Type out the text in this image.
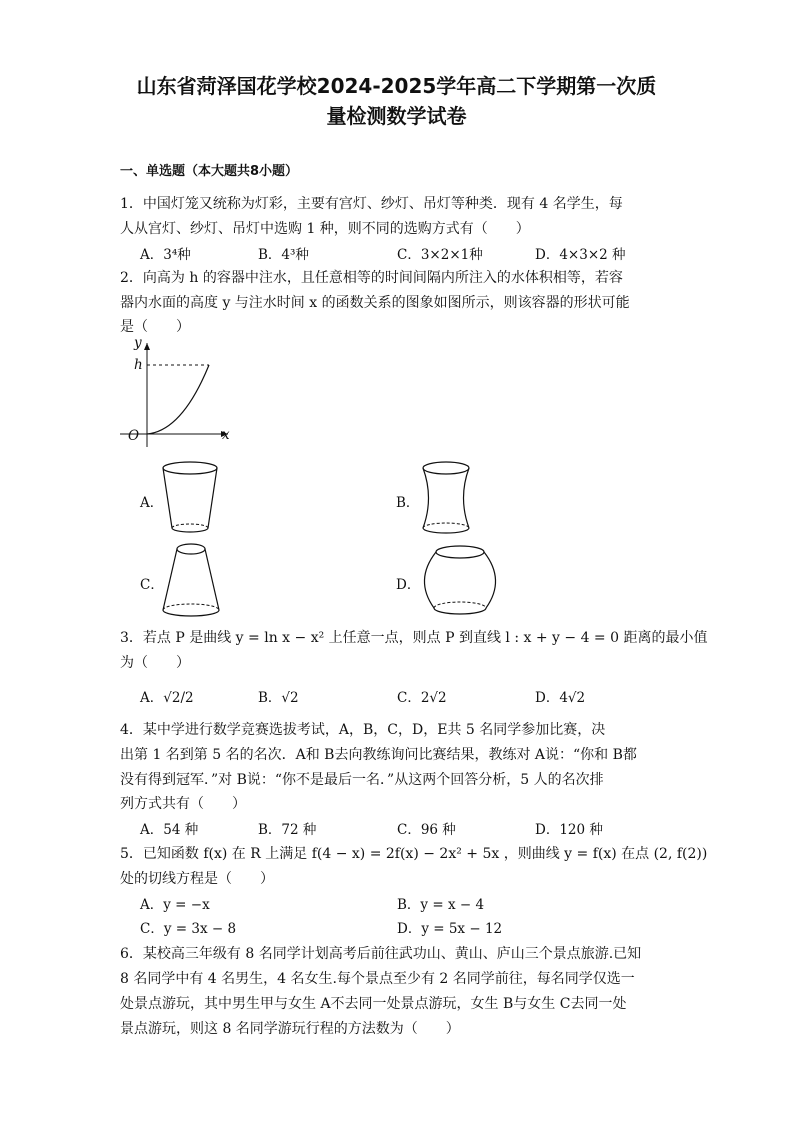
山东省菏泽国花学校2024-2025学年高二下学期第一次质
量检测数学试卷
一、单选题（本大题共8小题）
1．中国灯笼又统称为灯彩，主要有宫灯、纱灯、吊灯等种类．现有 4 名学生，每
人从宫灯、纱灯、吊灯中选购 1 种，则不同的选购方式有（　　）
A．3⁴种	B．4³种	C．3×2×1种	D．4×3×2 种
2．向高为 h 的容器中注水，且任意相等的时间间隔内所注入的水体积相等，若容
器内水面的高度 y 与注水时间 x 的函数关系的图象如图所示，则该容器的形状可能
是（　　）
y
h
O	x
A．	B．
C．	D．
3．若点 P 是曲线 y = ln x − x² 上任意一点，则点 P 到直线 l : x + y − 4 = 0 距离的最小值
为（　　）
A．√2/2	B．√2	C．2√2	D．4√2
4．某中学进行数学竞赛选拔考试，A，B，C，D，E共 5 名同学参加比赛，决
出第 1 名到第 5 名的名次．A和 B去向教练询问比赛结果，教练对 A说：“你和 B都
没有得到冠军．”对 B说：“你不是最后一名．”从这两个回答分析，5 人的名次排
列方式共有（　　）
A．54 种	B．72 种	C．96 种	D．120 种
5．已知函数 f(x) 在 R 上满足 f(4 − x) = 2f(x) − 2x² + 5x ，则曲线 y = f(x) 在点 (2, f(2))
处的切线方程是（　　）
A．y = −x	B．y = x − 4
C．y = 3x − 8	D．y = 5x − 12
6．某校高三年级有 8 名同学计划高考后前往武功山、黄山、庐山三个景点旅游.已知
8 名同学中有 4 名男生，4 名女生.每个景点至少有 2 名同学前往，每名同学仅选一
处景点游玩，其中男生甲与女生 A不去同一处景点游玩，女生 B与女生 C去同一处
景点游玩，则这 8 名同学游玩行程的方法数为（　　）
